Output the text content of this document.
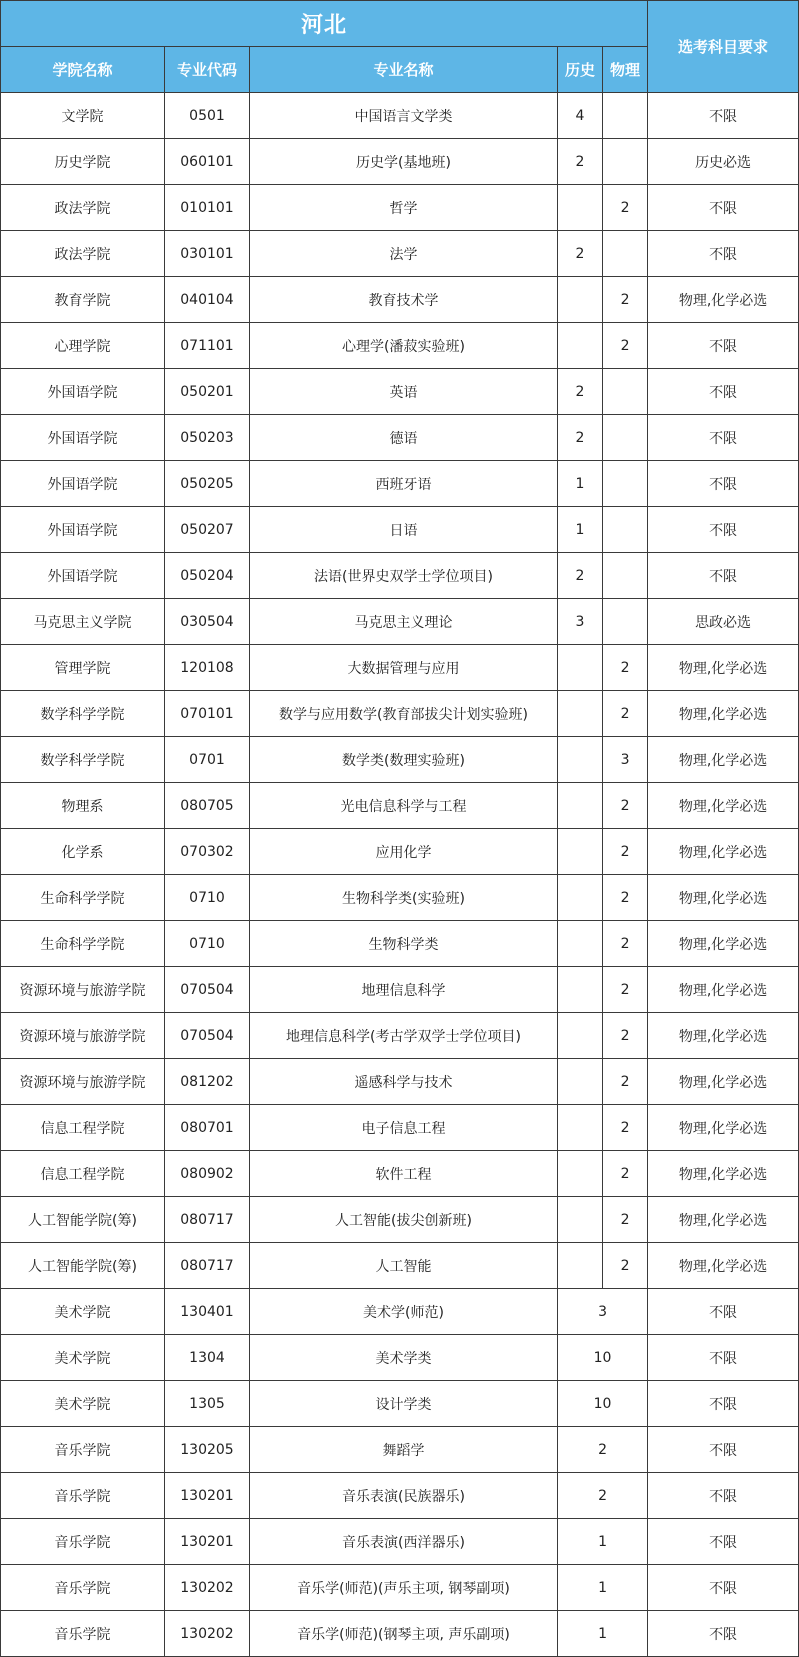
河北					选考科目要求
学院名称	专业代码	专业名称	历史	物理	
文学院	0501	中国语言文学类	4		不限
历史学院	060101	历史学(基地班)	2		历史必选
政法学院	010101	哲学		2	不限
政法学院	030101	法学	2		不限
教育学院	040104	教育技术学		2	物理,化学必选
心理学院	071101	心理学(潘菽实验班)		2	不限
外国语学院	050201	英语	2		不限
外国语学院	050203	德语	2		不限
外国语学院	050205	西班牙语	1		不限
外国语学院	050207	日语	1		不限
外国语学院	050204	法语(世界史双学士学位项目)	2		不限
马克思主义学院	030504	马克思主义理论	3		思政必选
管理学院	120108	大数据管理与应用		2	物理,化学必选
数学科学学院	070101	数学与应用数学(教育部拔尖计划实验班)		2	物理,化学必选
数学科学学院	0701	数学类(数理实验班)		3	物理,化学必选
物理系	080705	光电信息科学与工程		2	物理,化学必选
化学系	070302	应用化学		2	物理,化学必选
生命科学学院	0710	生物科学类(实验班)		2	物理,化学必选
生命科学学院	0710	生物科学类		2	物理,化学必选
资源环境与旅游学院	070504	地理信息科学		2	物理,化学必选
资源环境与旅游学院	070504	地理信息科学(考古学双学士学位项目)		2	物理,化学必选
资源环境与旅游学院	081202	遥感科学与技术		2	物理,化学必选
信息工程学院	080701	电子信息工程		2	物理,化学必选
信息工程学院	080902	软件工程		2	物理,化学必选
人工智能学院(筹)	080717	人工智能(拔尖创新班)		2	物理,化学必选
人工智能学院(筹)	080717	人工智能		2	物理,化学必选
美术学院	130401	美术学(师范)	3		不限
美术学院	1304	美术学类	10		不限
美术学院	1305	设计学类	10		不限
音乐学院	130205	舞蹈学	2		不限
音乐学院	130201	音乐表演(民族器乐)	2		不限
音乐学院	130201	音乐表演(西洋器乐)	1		不限
音乐学院	130202	音乐学(师范)(声乐主项, 钢琴副项)	1		不限
音乐学院	130202	音乐学(师范)(钢琴主项, 声乐副项)	1		不限
